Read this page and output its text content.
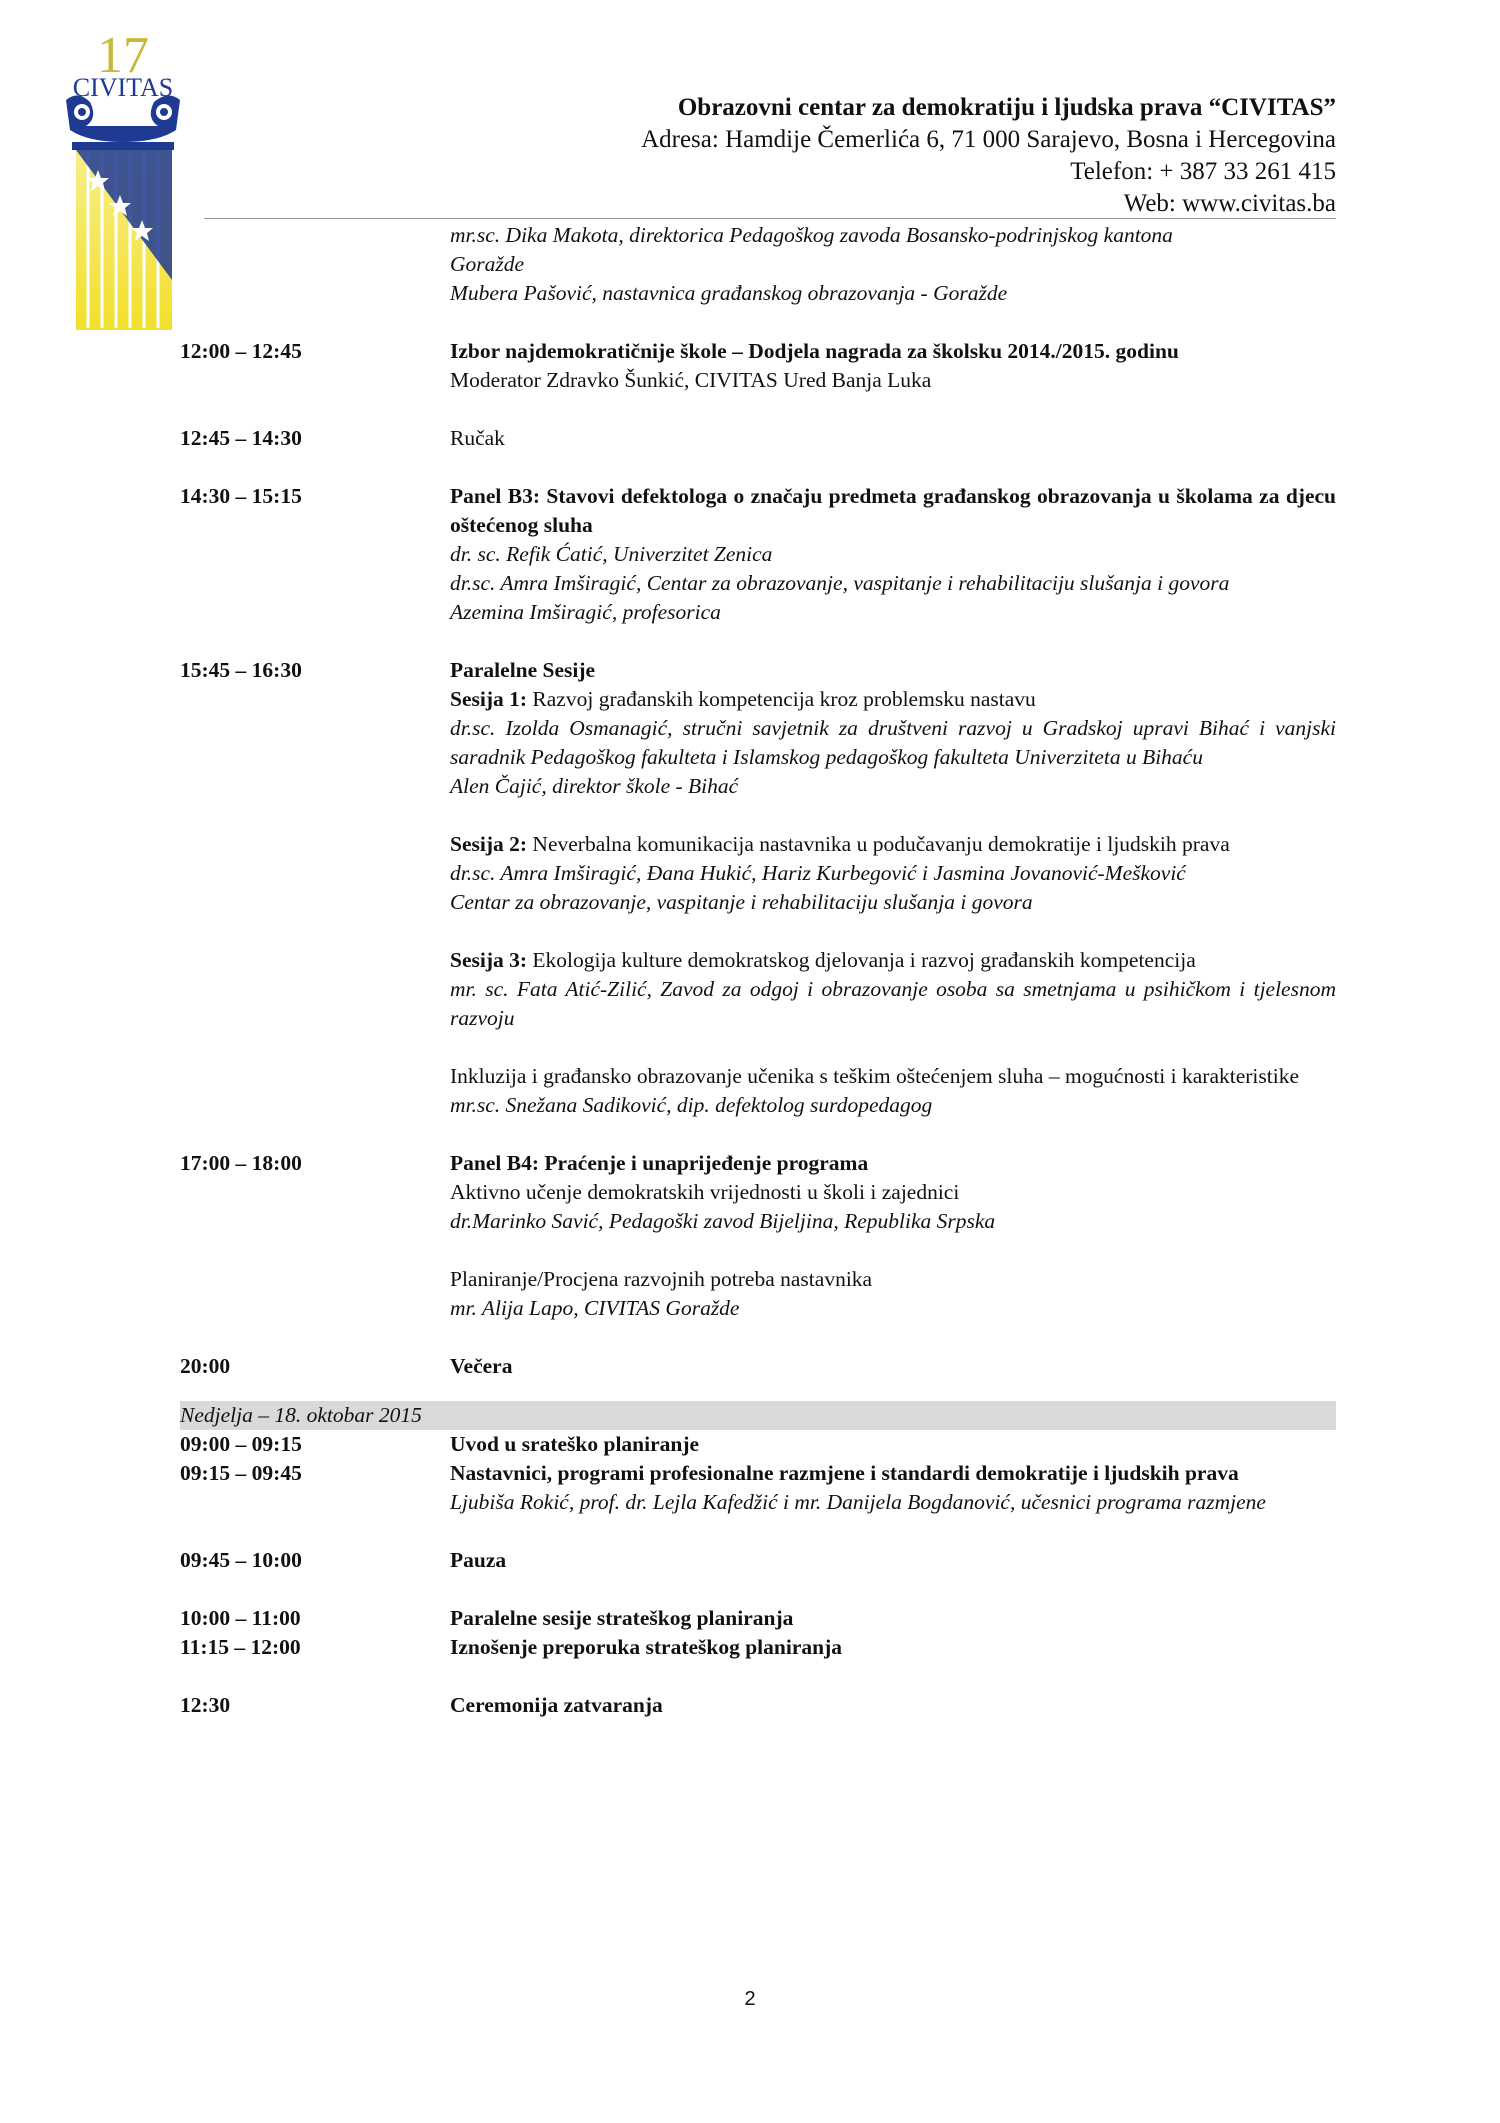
17
CIVITAS
Obrazovni centar za demokratiju i ljudska prava “CIVITAS”
Adresa: Hamdije Čemerlića 6, 71 000 Sarajevo, Bosna i Hercegovina
Telefon: + 387 33 261 415
Web: www.civitas.ba
mr.sc. Dika Makota, direktorica Pedagoškog zavoda Bosansko-podrinjskog kantona
Goražde
Mubera Pašović, nastavnica građanskog obrazovanja - Goražde
12:00 – 12:45	Izbor najdemokratičnije škole – Dodjela nagrada za školsku 2014./2015. godinu
Moderator Zdravko Šunkić, CIVITAS Ured Banja Luka
12:45 – 14:30	Ručak
14:30 – 15:15	Panel B3: Stavovi defektologa o značaju predmeta građanskog obrazovanja u školama za djecu oštećenog sluha
dr. sc. Refik Ćatić, Univerzitet Zenica
dr.sc. Amra Imširagić, Centar za obrazovanje, vaspitanje i rehabilitaciju slušanja i govora
Azemina Imširagić, profesorica
15:45 – 16:30	Paralelne Sesije
Sesija 1: Razvoj građanskih kompetencija kroz problemsku nastavu
dr.sc. Izolda Osmanagić, stručni savjetnik za društveni razvoj u Gradskoj upravi Bihać i vanjski saradnik Pedagoškog fakulteta i Islamskog pedagoškog fakulteta Univerziteta u Bihaću
Alen Čajić, direktor škole - Bihać
Sesija 2: Neverbalna komunikacija nastavnika u podučavanju demokratije i ljudskih prava
dr.sc. Amra Imširagić, Đana Hukić, Hariz Kurbegović i Jasmina Jovanović-Mešković
Centar za obrazovanje, vaspitanje i rehabilitaciju slušanja i govora
Sesija 3: Ekologija kulture demokratskog djelovanja i razvoj građanskih kompetencija
mr. sc. Fata Atić-Zilić, Zavod za odgoj i obrazovanje osoba sa smetnjama u psihičkom i tjelesnom razvoju
Inkluzija i građansko obrazovanje učenika s teškim oštećenjem sluha – mogućnosti i karakteristike
mr.sc. Snežana Sadiković, dip. defektolog surdopedagog
17:00 – 18:00	Panel B4: Praćenje i unaprijeđenje programa
Aktivno učenje demokratskih vrijednosti u školi i zajednici
dr.Marinko Savić, Pedagoški zavod Bijeljina, Republika Srpska
Planiranje/Procjena razvojnih potreba nastavnika
mr. Alija Lapo, CIVITAS Goražde
20:00	Večera
Nedjelja – 18. oktobar 2015
09:00 – 09:15	Uvod u srateško planiranje
09:15 – 09:45	Nastavnici, programi profesionalne razmjene i standardi demokratije i ljudskih prava
Ljubiša Rokić, prof. dr. Lejla Kafedžić i mr. Danijela Bogdanović, učesnici programa razmjene
09:45 – 10:00	Pauza
10:00 – 11:00	Paralelne sesije strateškog planiranja
11:15 – 12:00	Iznošenje preporuka strateškog planiranja
12:30	Ceremonija zatvaranja
2
